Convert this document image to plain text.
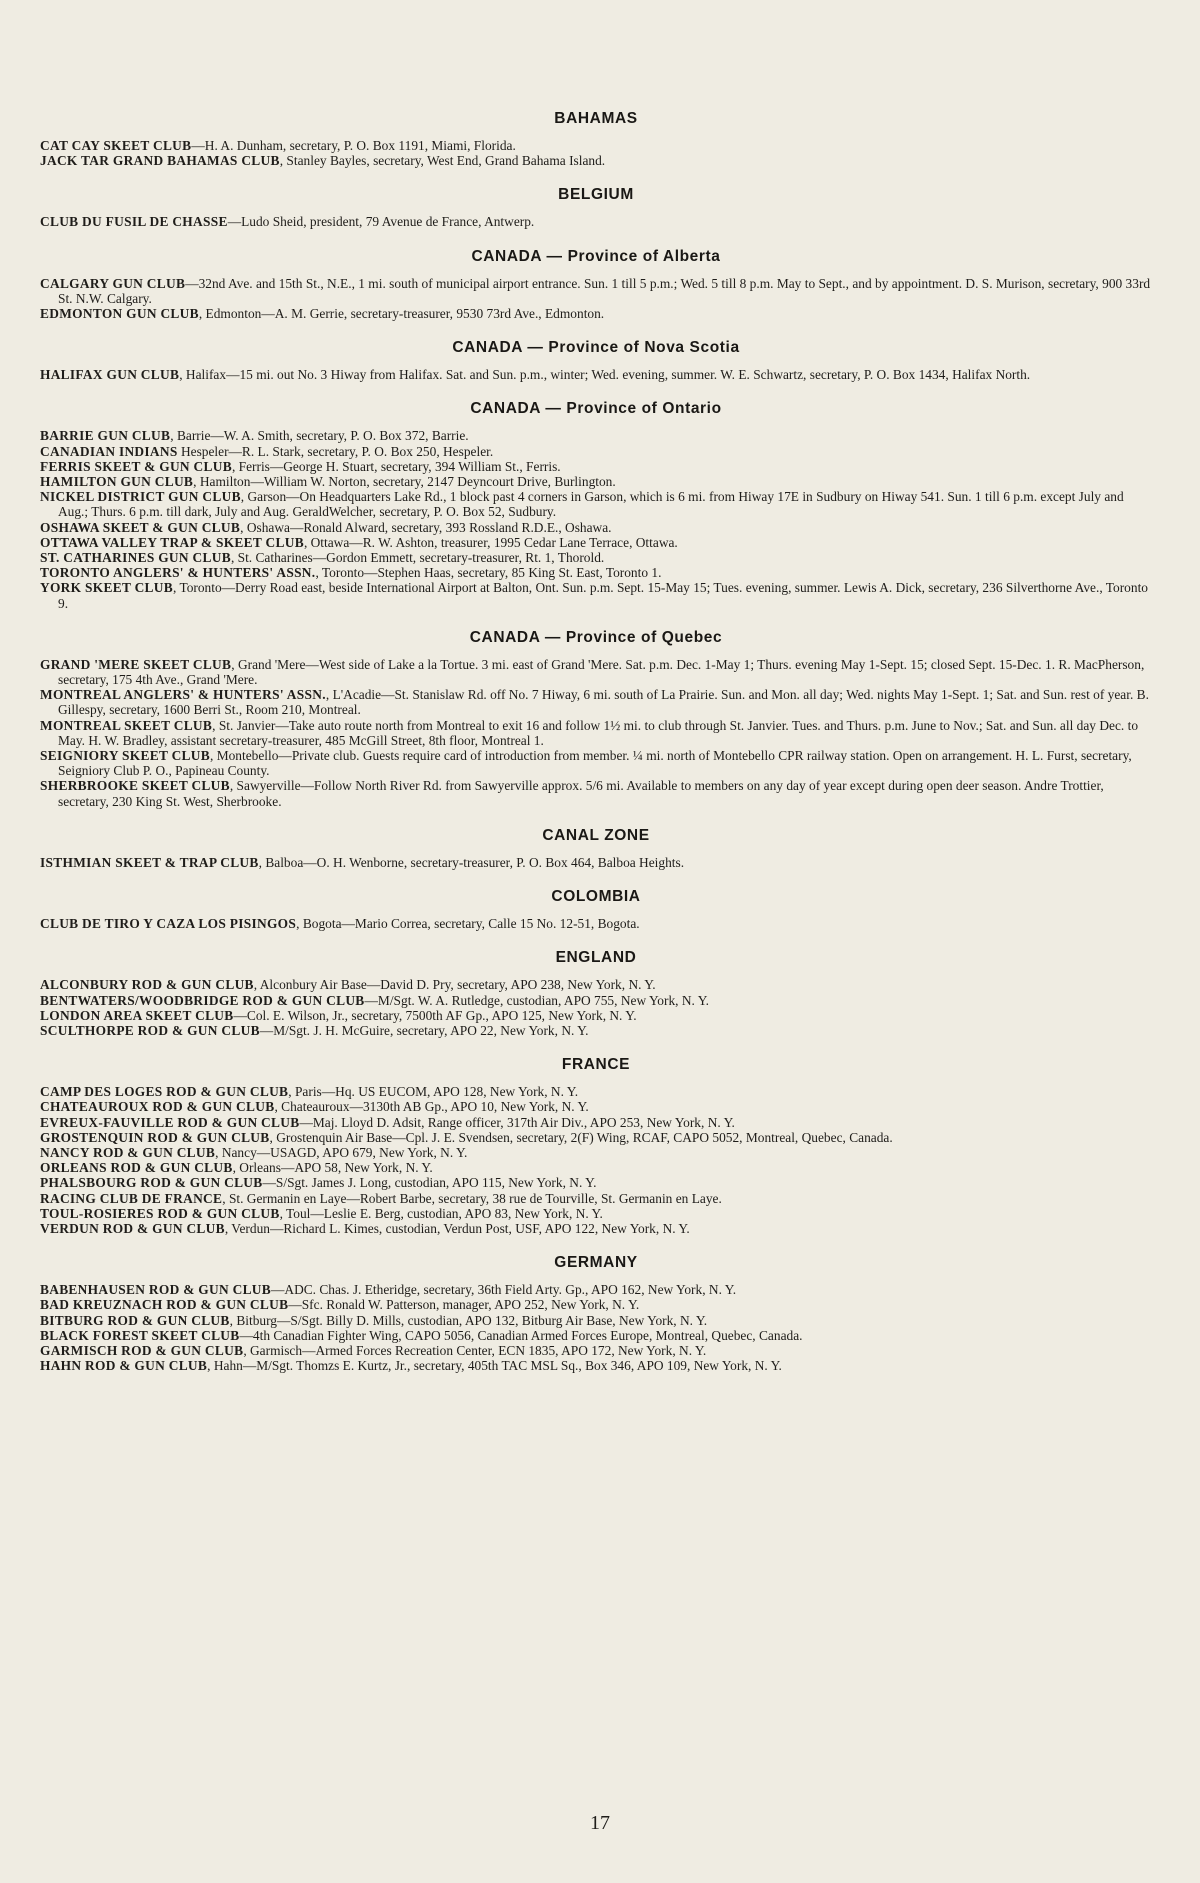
BAHAMAS

CAT CAY SKEET CLUB—H. A. Dunham, secretary, P. O. Box 1191, Miami, Florida.

JACK TAR GRAND BAHAMAS CLUB, Stanley Bayles, secretary, West End, Grand Bahama Island.

BELGIUM

CLUB DU FUSIL DE CHASSE—Ludo Sheid, president, 79 Avenue de France, Antwerp.

CANADA — Province of Alberta

CALGARY GUN CLUB—32nd Ave. and 15th St., N.E., 1 mi. south of municipal airport entrance. Sun. 1 till 5 p.m.; Wed. 5 till 8 p.m. May to Sept., and by appointment. D. S. Murison, secretary, 900 33rd St. N.W. Calgary.

EDMONTON GUN CLUB, Edmonton—A. M. Gerrie, secretary-treasurer, 9530 73rd Ave., Edmonton.

CANADA — Province of Nova Scotia

HALIFAX GUN CLUB, Halifax—15 mi. out No. 3 Hiway from Halifax. Sat. and Sun. p.m., winter; Wed. evening, summer. W. E. Schwartz, secretary, P. O. Box 1434, Halifax North.

CANADA — Province of Ontario

BARRIE GUN CLUB, Barrie—W. A. Smith, secretary, P. O. Box 372, Barrie.

CANADIAN INDIANS Hespeler—R. L. Stark, secretary, P. O. Box 250, Hespeler.

FERRIS SKEET & GUN CLUB, Ferris—George H. Stuart, secretary, 394 William St., Ferris.

HAMILTON GUN CLUB, Hamilton—William W. Norton, secretary, 2147 Deyncourt Drive, Burlington.

NICKEL DISTRICT GUN CLUB, Garson—On Headquarters Lake Rd., 1 block past 4 corners in Garson, which is 6 mi. from Hiway 17E in Sudbury on Hiway 541. Sun. 1 till 6 p.m. except July and Aug.; Thurs. 6 p.m. till dark, July and Aug. GeraldWelcher, secretary, P. O. Box 52, Sudbury.

OSHAWA SKEET & GUN CLUB, Oshawa—Ronald Alward, secretary, 393 Rossland R.D.E., Oshawa.

OTTAWA VALLEY TRAP & SKEET CLUB, Ottawa—R. W. Ashton, treasurer, 1995 Cedar Lane Terrace, Ottawa.

ST. CATHARINES GUN CLUB, St. Catharines—Gordon Emmett, secretary-treasurer, Rt. 1, Thorold.

TORONTO ANGLERS' & HUNTERS' ASSN., Toronto—Stephen Haas, secretary, 85 King St. East, Toronto 1.

YORK SKEET CLUB, Toronto—Derry Road east, beside International Airport at Balton, Ont. Sun. p.m. Sept. 15-May 15; Tues. evening, summer. Lewis A. Dick, secretary, 236 Silverthorne Ave., Toronto 9.

CANADA — Province of Quebec

GRAND 'MERE SKEET CLUB, Grand 'Mere—West side of Lake a la Tortue. 3 mi. east of Grand 'Mere. Sat. p.m. Dec. 1-May 1; Thurs. evening May 1-Sept. 15; closed Sept. 15-Dec. 1. R. MacPherson, secretary, 175 4th Ave., Grand 'Mere.

MONTREAL ANGLERS' & HUNTERS' ASSN., L'Acadie—St. Stanislaw Rd. off No. 7 Hiway, 6 mi. south of La Prairie. Sun. and Mon. all day; Wed. nights May 1-Sept. 1; Sat. and Sun. rest of year. B. Gillespy, secretary, 1600 Berri St., Room 210, Montreal.

MONTREAL SKEET CLUB, St. Janvier—Take auto route north from Montreal to exit 16 and follow 1½ mi. to club through St. Janvier. Tues. and Thurs. p.m. June to Nov.; Sat. and Sun. all day Dec. to May. H. W. Bradley, assistant secretary-treasurer, 485 McGill Street, 8th floor, Montreal 1.

SEIGNIORY SKEET CLUB, Montebello—Private club. Guests require card of introduction from member. ¼ mi. north of Montebello CPR railway station. Open on arrangement. H. L. Furst, secretary, Seigniory Club P. O., Papineau County.

SHERBROOKE SKEET CLUB, Sawyerville—Follow North River Rd. from Sawyerville approx. 5/6 mi. Available to members on any day of year except during open deer season. Andre Trottier, secretary, 230 King St. West, Sherbrooke.

CANAL ZONE

ISTHMIAN SKEET & TRAP CLUB, Balboa—O. H. Wenborne, secretary-treasurer, P. O. Box 464, Balboa Heights.

COLOMBIA

CLUB DE TIRO Y CAZA LOS PISINGOS, Bogota—Mario Correa, secretary, Calle 15 No. 12-51, Bogota.

ENGLAND

ALCONBURY ROD & GUN CLUB, Alconbury Air Base—David D. Pry, secretary, APO 238, New York, N. Y.

BENTWATERS/WOODBRIDGE ROD & GUN CLUB—M/Sgt. W. A. Rutledge, custodian, APO 755, New York, N. Y.

LONDON AREA SKEET CLUB—Col. E. Wilson, Jr., secretary, 7500th AF Gp., APO 125, New York, N. Y.

SCULTHORPE ROD & GUN CLUB—M/Sgt. J. H. McGuire, secretary, APO 22, New York, N. Y.

FRANCE

CAMP DES LOGES ROD & GUN CLUB, Paris—Hq. US EUCOM, APO 128, New York, N. Y.

CHATEAUROUX ROD & GUN CLUB, Chateauroux—3130th AB Gp., APO 10, New York, N. Y.

EVREUX-FAUVILLE ROD & GUN CLUB—Maj. Lloyd D. Adsit, Range officer, 317th Air Div., APO 253, New York, N. Y.

GROSTENQUIN ROD & GUN CLUB, Grostenquin Air Base—Cpl. J. E. Svendsen, secretary, 2(F) Wing, RCAF, CAPO 5052, Montreal, Quebec, Canada.

NANCY ROD & GUN CLUB, Nancy—USAGD, APO 679, New York, N. Y.

ORLEANS ROD & GUN CLUB, Orleans—APO 58, New York, N. Y.

PHALSBOURG ROD & GUN CLUB—S/Sgt. James J. Long, custodian, APO 115, New York, N. Y.

RACING CLUB DE FRANCE, St. Germanin en Laye—Robert Barbe, secretary, 38 rue de Tourville, St. Germanin en Laye.

TOUL-ROSIERES ROD & GUN CLUB, Toul—Leslie E. Berg, custodian, APO 83, New York, N. Y.

VERDUN ROD & GUN CLUB, Verdun—Richard L. Kimes, custodian, Verdun Post, USF, APO 122, New York, N. Y.

GERMANY

BABENHAUSEN ROD & GUN CLUB—ADC. Chas. J. Etheridge, secretary, 36th Field Arty. Gp., APO 162, New York, N. Y.

BAD KREUZNACH ROD & GUN CLUB—Sfc. Ronald W. Patterson, manager, APO 252, New York, N. Y.

BITBURG ROD & GUN CLUB, Bitburg—S/Sgt. Billy D. Mills, custodian, APO 132, Bitburg Air Base, New York, N. Y.

BLACK FOREST SKEET CLUB—4th Canadian Fighter Wing, CAPO 5056, Canadian Armed Forces Europe, Montreal, Quebec, Canada.

GARMISCH ROD & GUN CLUB, Garmisch—Armed Forces Recreation Center, ECN 1835, APO 172, New York, N. Y.

HAHN ROD & GUN CLUB, Hahn—M/Sgt. Thomzs E. Kurtz, Jr., secretary, 405th TAC MSL Sq., Box 346, APO 109, New York, N. Y.

17
